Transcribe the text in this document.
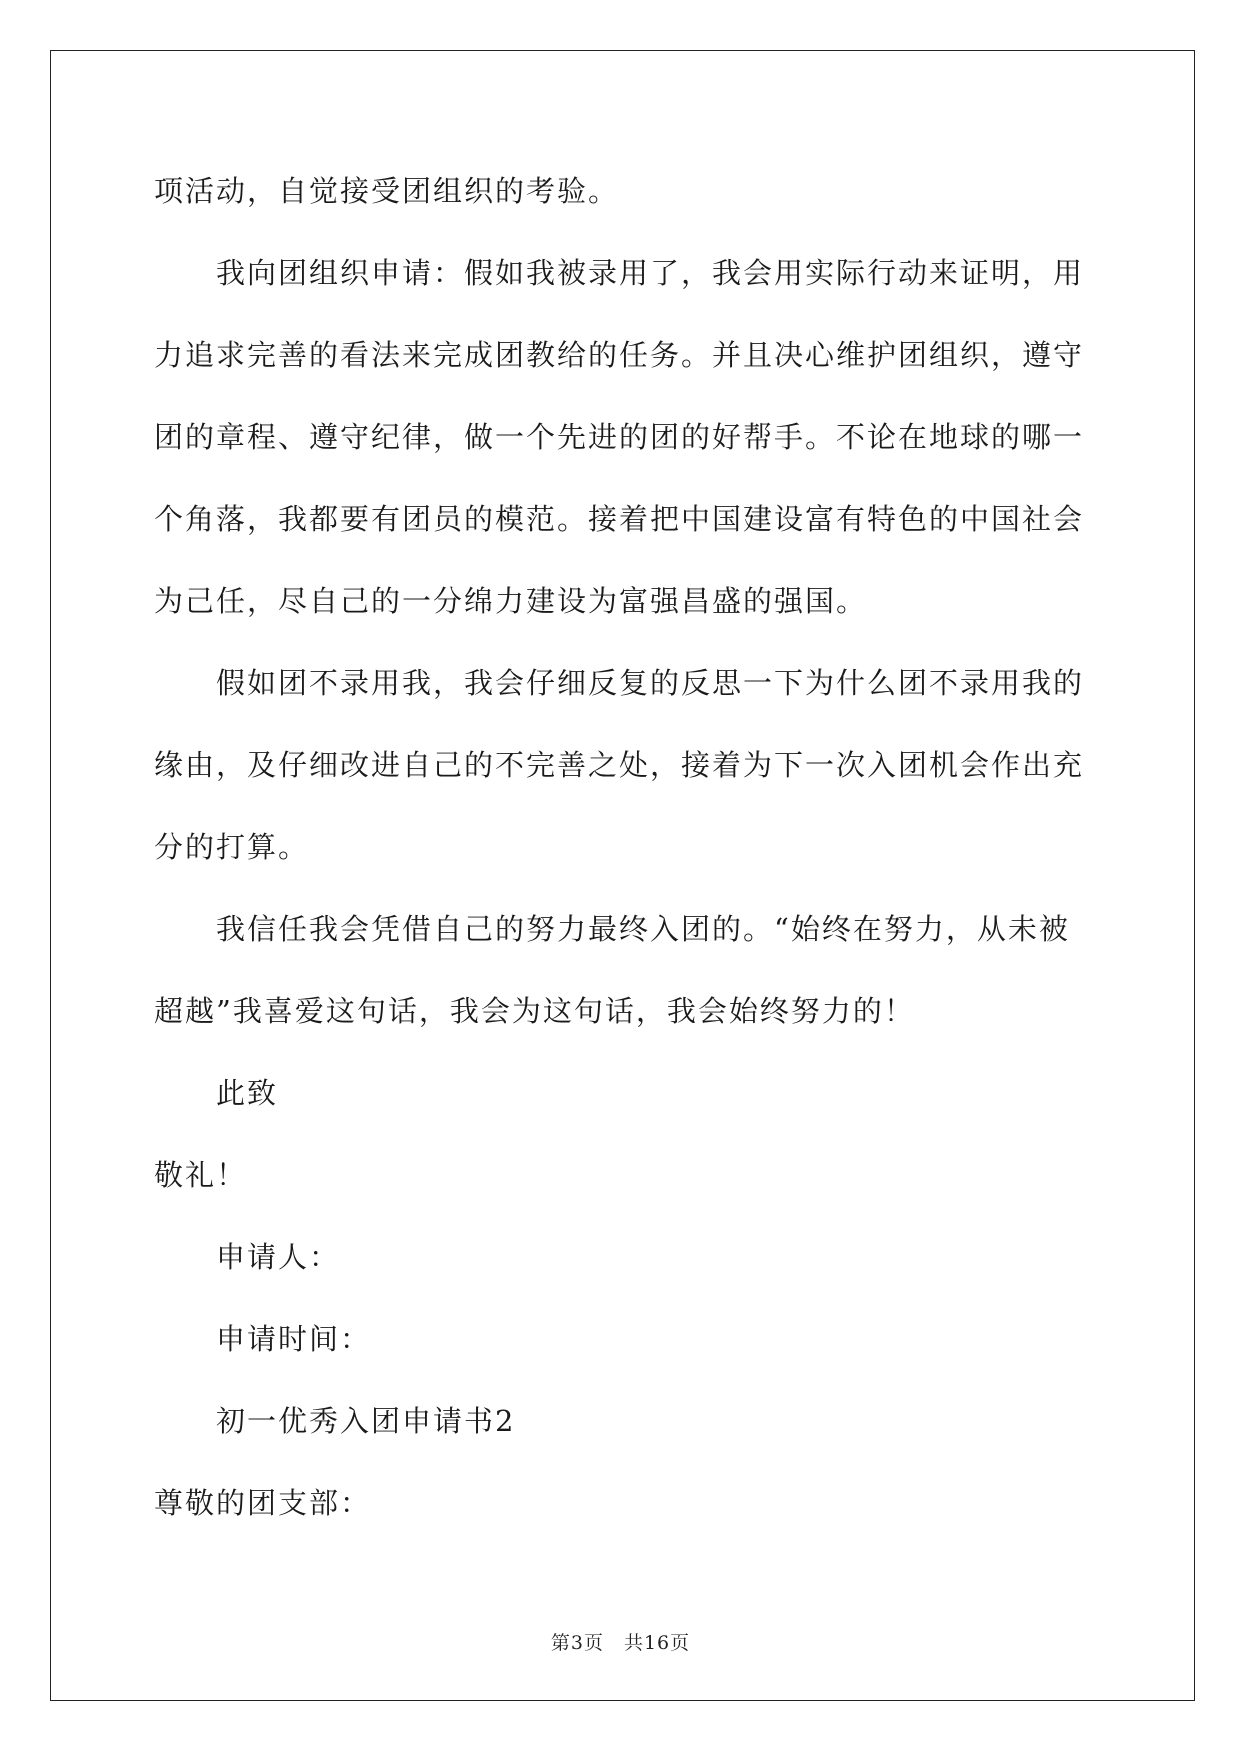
项活动，自觉接受团组织的考验。

我向团组织申请：假如我被录用了，我会用实际行动来证明，用

力追求完善的看法来完成团教给的任务。并且决心维护团组织，遵守

团的章程、遵守纪律，做一个先进的团的好帮手。不论在地球的哪一

个角落，我都要有团员的模范。接着把中国建设富有特色的中国社会

为己任，尽自己的一分绵力建设为富强昌盛的强国。

假如团不录用我，我会仔细反复的反思一下为什么团不录用我的

缘由，及仔细改进自己的不完善之处，接着为下一次入团机会作出充

分的打算。

我信任我会凭借自己的努力最终入团的。“始终在努力，从未被

超越”我喜爱这句话，我会为这句话，我会始终努力的！

此致

敬礼！

申请人：

申请时间：

初一优秀入团申请书2

尊敬的团支部：

第3页 共16页
